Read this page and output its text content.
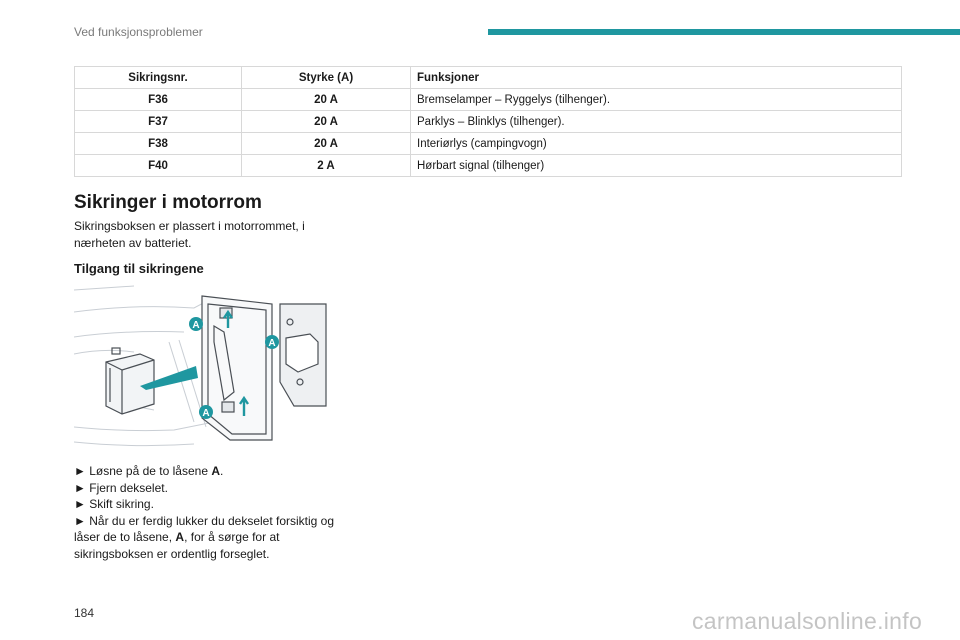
Ved funksjonsproblemer
Sikringsnr.	Styrke (A)	Funksjoner
F36	20 A	Bremselamper – Ryggelys (tilhenger).
F37	20 A	Parklys – Blinklys (tilhenger).
F38	20 A	Interiørlys (campingvogn)
F40	2 A	Hørbart signal (tilhenger)
Sikringer i motorrom

Sikringsboksen er plassert i motorrommet, i nærheten av batteriet.

Tilgang til sikringene
A
A
A
► Løsne på de to låsene A.
► Fjern dekselet.
► Skift sikring.
► Når du er ferdig lukker du dekselet forsiktig og låser de to låsene, A, for å sørge for at sikringsboksen er ordentlig forseglet.
184	carmanualsonline.info
